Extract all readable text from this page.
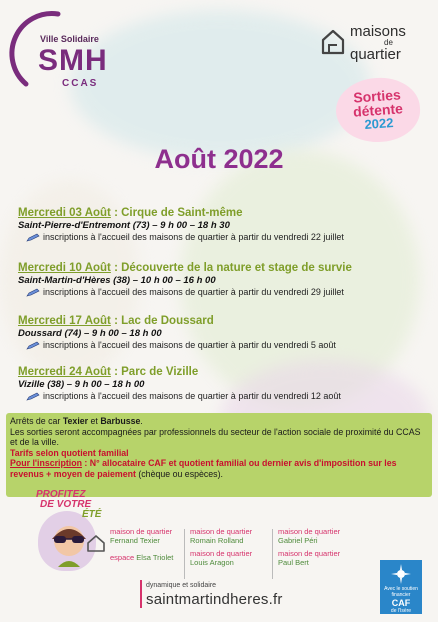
Ville Solidaire
SMH
CCAS
maisons
de
quartier
Sorties
détente
2022
Août 2022
Mercredi 03 Août : Cirque de Saint-même
Saint-Pierre-d'Entremont (73) – 9 h 00 – 18 h 30
inscriptions à l'accueil des maisons de quartier à partir du vendredi 22 juillet
Mercredi 10 Août : Découverte de la nature et stage de survie
Saint-Martin-d'Hères (38) – 10 h 00 – 16 h 00
inscriptions à l'accueil des maisons de quartier à partir du vendredi 29 juillet
Mercredi 17 Août : Lac de Doussard
Doussard (74) – 9 h 00 – 18 h 00
inscriptions à l'accueil des maisons de quartier à partir du vendredi 5 août
Mercredi 24 Août : Parc de Vizille
Vizille (38) – 9 h 00 – 18 h 00
inscriptions à l'accueil des maisons de quartier à partir du vendredi 12 août
Arrêts de car Texier et Barbusse.
Les sorties seront accompagnées par professionnels du secteur de l'action sociale de proximité du CCAS et de la ville.
Tarifs selon quotient familial
Pour l'inscription : N° allocataire CAF et quotient familial ou dernier avis d'imposition sur les revenus + moyen de paiement (chèque ou espèces).
PROFITEZ
DE VOTRE
ÉTÉ
maison de quartier
Fernand Texier
maison de quartier
Romain Rolland
maison de quartier
Gabriel Péri
espace Elsa Triolet maison de quartier
Louis Aragon
maison de quartier
Paul Bert
dynamique et solidaire
saintmartindheres.fr
Avec le soutien
financier
CAF
de l'Isère
